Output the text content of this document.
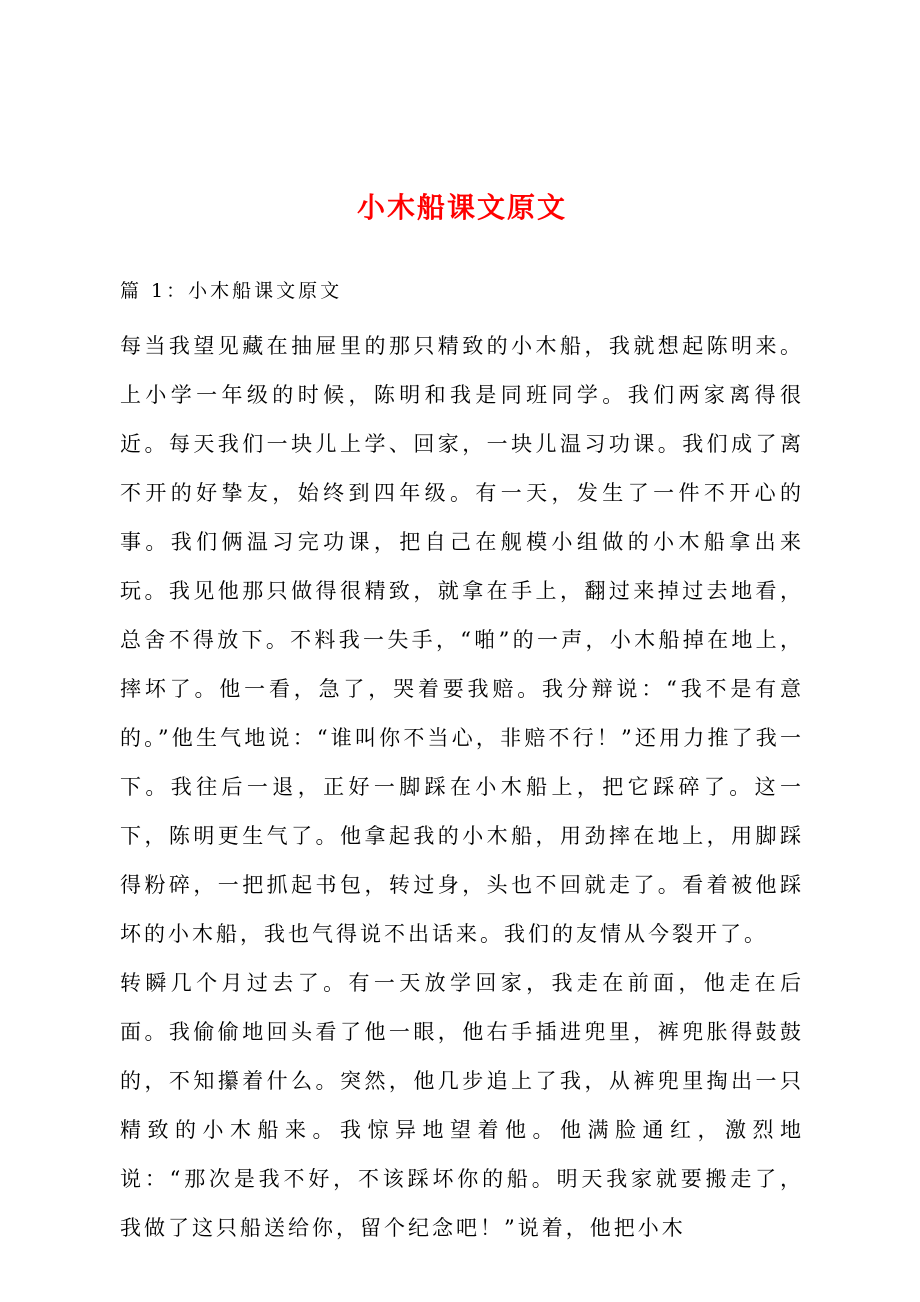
小木船课文原文

篇 1：小木船课文原文

每当我望见藏在抽屉里的那只精致的小木船，我就想起陈明来。上小学一年级的时候，陈明和我是同班同学。我们两家离得很近。每天我们一块儿上学、回家，一块儿温习功课。我们成了离不开的好挚友，始终到四年级。有一天，发生了一件不开心的事。我们俩温习完功课，把自己在舰模小组做的小木船拿出来玩。我见他那只做得很精致，就拿在手上，翻过来掉过去地看，总舍不得放下。不料我一失手，“啪”的一声，小木船掉在地上，摔坏了。他一看，急了，哭着要我赔。我分辩说：“我不是有意的。”他生气地说：“谁叫你不当心，非赔不行！”还用力推了我一下。我往后一退，正好一脚踩在小木船上，把它踩碎了。这一下，陈明更生气了。他拿起我的小木船，用劲摔在地上，用脚踩得粉碎，一把抓起书包，转过身，头也不回就走了。看着被他踩坏的小木船，我也气得说不出话来。我们的友情从今裂开了。

转瞬几个月过去了。有一天放学回家，我走在前面，他走在后面。我偷偷地回头看了他一眼，他右手插进兜里，裤兜胀得鼓鼓的，不知攥着什么。突然，他几步追上了我，从裤兜里掏出一只精致的小木船来。我惊异地望着他。他满脸通红，激烈地说：“那次是我不好，不该踩坏你的船。明天我家就要搬走了，我做了这只船送给你，留个纪念吧！”说着，他把小木
